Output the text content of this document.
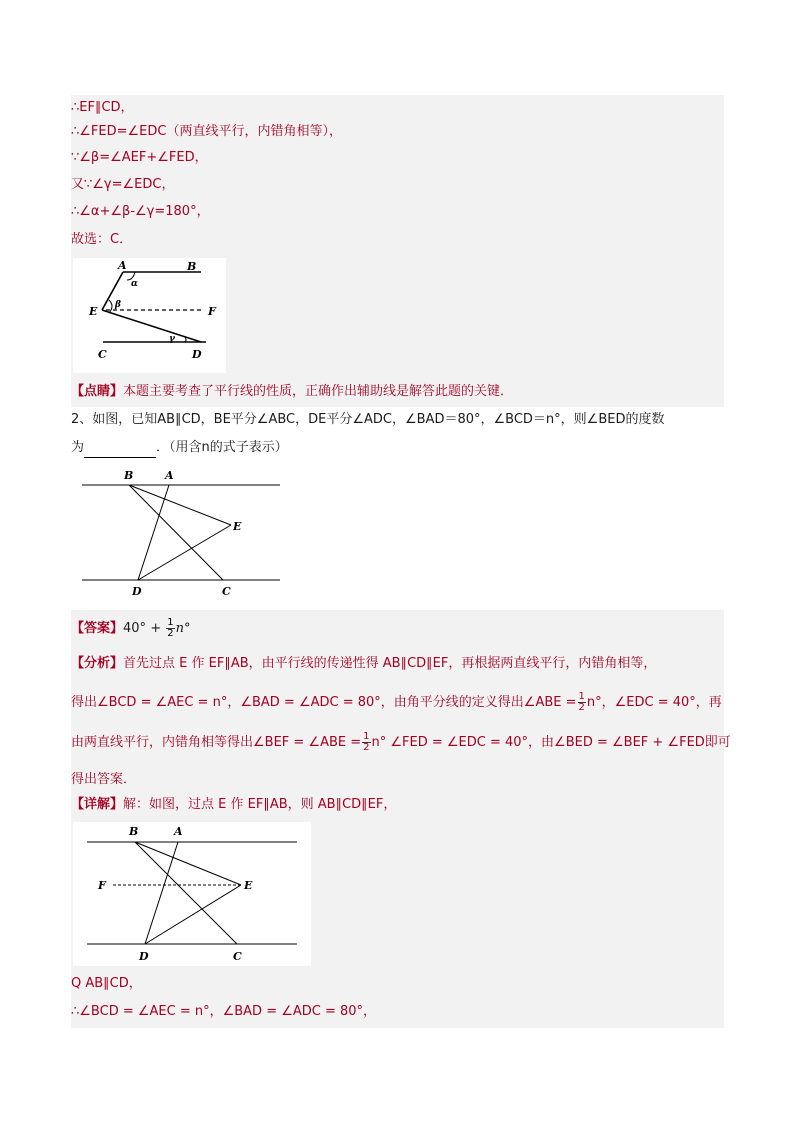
∴EF∥CD，
∴∠FED=∠EDC（两直线平行，内错角相等），
∵∠β=∠AEF+∠FED，
又∵∠γ=∠EDC，
∴∠α+∠β-∠γ=180°，
故选：C．
A	B
α
β
E	F
γ
C	D
【点睛】本题主要考查了平行线的性质，正确作出辅助线是解答此题的关键．
2、如图，已知AB∥CD，BE平分∠ABC，DE平分∠ADC，∠BAD＝80°，∠BCD＝n°，则∠BED的度数
为	．（用含n的式子表示）
B	A
E
D	C
【答案】$40^\circ + \frac{1}{2} n^\circ$
【分析】首先过点 E 作 EF∥AB，由平行线的传递性得 AB∥CD∥EF，再根据两直线平行，内错角相等，
得出∠BCD = ∠AEC = n°，∠BAD = ∠ADC = 80°，由角平分线的定义得出∠ABE = $\frac{1}{2} n^\circ$，∠EDC = 40°，再
由两直线平行，内错角相等得出∠BEF = ∠ABE = $\frac{1}{2} n^\circ$ ∠FED = ∠EDC = 40°，由∠BED = ∠BEF + ∠FED即可
得出答案．
【详解】解：如图，过点 E 作 EF∥AB，则 AB∥CD∥EF，
B	A
F	E
D	C
Q AB∥CD，
∴∠BCD = ∠AEC = n°，∠BAD = ∠ADC = 80°，
